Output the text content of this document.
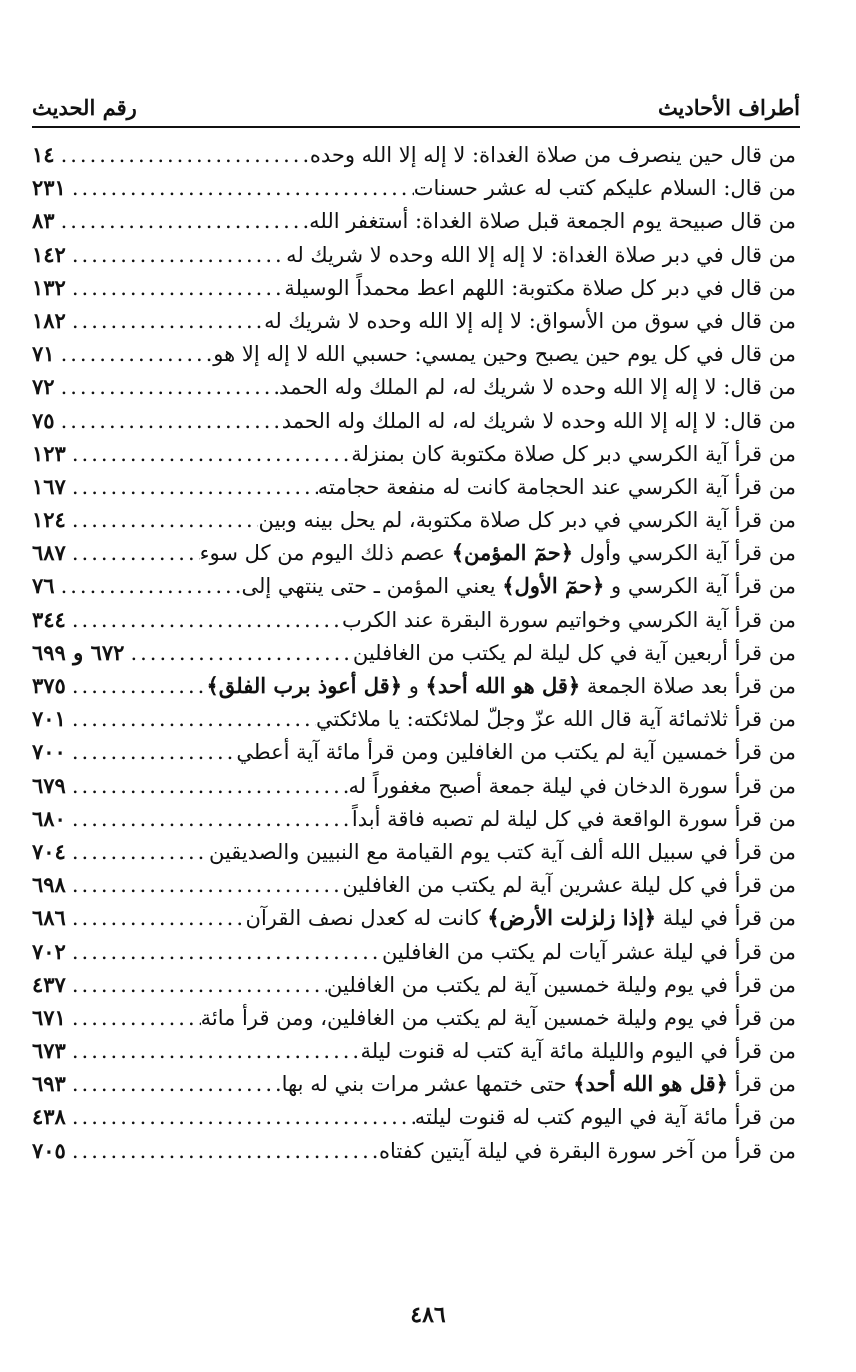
رقم الحديث	أطراف الأحاديث
من قال حين ينصرف من صلاة الغداة: لا إله إلا الله وحده
.....
١٤
من قال: السلام عليكم كتب له عشر حسنات
.....
٢٣١
من قال صبيحة يوم الجمعة قبل صلاة الغداة: أستغفر الله
.....
٨٣
من قال في دبر صلاة الغداة: لا إله إلا الله وحده لا شريك له
.....
١٤٢
من قال في دبر كل صلاة مكتوبة: اللهم اعط محمداً الوسيلة
.....
١٣٢
من قال في سوق من الأسواق: لا إله إلا الله وحده لا شريك له
.....
١٨٢
من قال في كل يوم حين يصبح وحين يمسي: حسبي الله لا إله إلا هو
.....
٧١
من قال: لا إله إلا الله وحده لا شريك له، لم الملك وله الحمد
.....
٧٢
من قال: لا إله إلا الله وحده لا شريك له، له الملك وله الحمد
.....
٧٥
من قرأ آية الكرسي دبر كل صلاة مكتوبة كان بمنزلة
.....
١٢٣
من قرأ آية الكرسي عند الحجامة كانت له منفعة حجامته
.....
١٦٧
من قرأ آية الكرسي في دبر كل صلاة مكتوبة، لم يحل بينه وبين
.....
١٢٤
من قرأ آية الكرسي وأول ﴿حمٓ المؤمن﴾ عصم ذلك اليوم من كل سوء
.....
٦٨٧
من قرأ آية الكرسي و ﴿حمٓ الأول﴾ يعني المؤمن ـ حتى ينتهي إلى
.....
٧٦
من قرأ آية الكرسي وخواتيم سورة البقرة عند الكرب
.....
٣٤٤
من قرأ أربعين آية في كل ليلة لم يكتب من الغافلين
.....
٦٧٢ و ٦٩٩
من قرأ بعد صلاة الجمعة ﴿قل هو الله أحد﴾ و ﴿قل أعوذ برب الفلق﴾
.....
٣٧٥
من قرأ ثلاثمائة آية قال الله عزّ وجلّ لملائكته: يا ملائكتي
.....
٧٠١
من قرأ خمسين آية لم يكتب من الغافلين ومن قرأ مائة آية أعطي
.....
٧٠٠
من قرأ سورة الدخان في ليلة جمعة أصبح مغفوراً له
.....
٦٧٩
من قرأ سورة الواقعة في كل ليلة لم تصبه فاقة أبداً
.....
٦٨٠
من قرأ في سبيل الله ألف آية كتب يوم القيامة مع النبيين والصديقين
.....
٧٠٤
من قرأ في كل ليلة عشرين آية لم يكتب من الغافلين
.....
٦٩٨
من قرأ في ليلة ﴿إذا زلزلت الأرض﴾ كانت له كعدل نصف القرآن
.....
٦٨٦
من قرأ في ليلة عشر آيات لم يكتب من الغافلين
.....
٧٠٢
من قرأ في يوم وليلة خمسين آية لم يكتب من الغافلين
.....
٤٣٧
من قرأ في يوم وليلة خمسين آية لم يكتب من الغافلين، ومن قرأ مائة
.....
٦٧١
من قرأ في اليوم والليلة مائة آية كتب له قنوت ليلة
.....
٦٧٣
من قرأ ﴿قل هو الله أحد﴾ حتى ختمها عشر مرات بني له بها
.....
٦٩٣
من قرأ مائة آية في اليوم كتب له قنوت ليلته
.....
٤٣٨
من قرأ من آخر سورة البقرة في ليلة آيتين كفتاه
.....
٧٠٥
٤٨٦
